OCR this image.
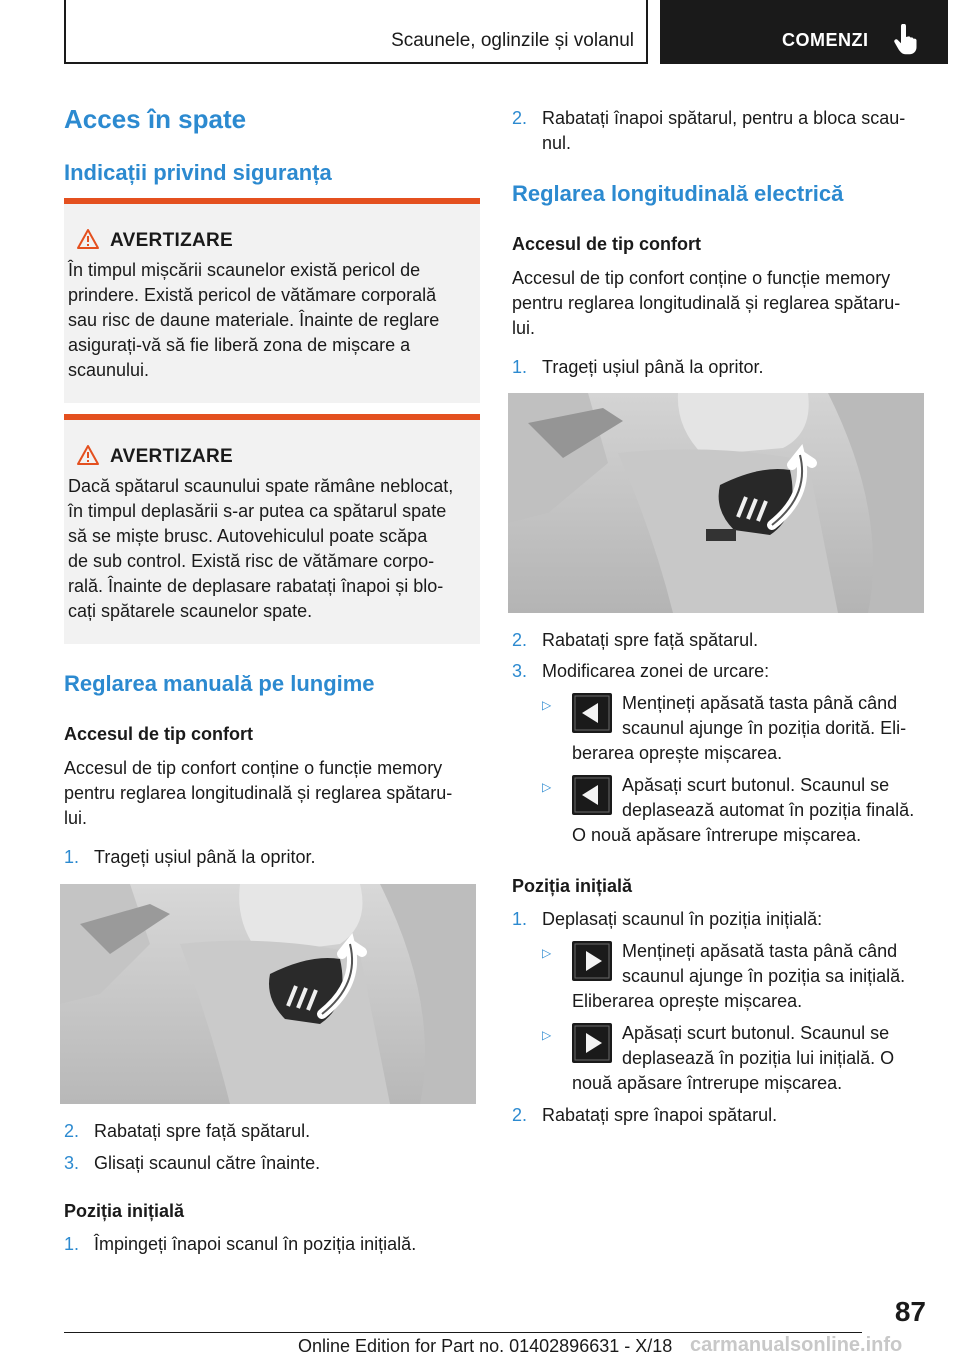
Scaunele, oglinzile și volanul	COMENZI
Acces în spate
Indicații privind siguranța
AVERTIZARE
În timpul mișcării scaunelor există pericol de
prindere. Există pericol de vătămare corporală
sau risc de daune materiale. Înainte de reglare
asigurați-vă să fie liberă zona de mișcare a
scaunului.
AVERTIZARE
Dacă spătarul scaunului spate rămâne neblocat,
în timpul deplasării s-ar putea ca spătarul spate
să se miște brusc. Autovehiculul poate scăpa
de sub control. Există risc de vătămare corpo-
rală. Înainte de deplasare rabatați înapoi și blo-
cați spătarele scaunelor spate.
Reglarea manuală pe lungime
Accesul de tip confort
Accesul de tip confort conține o funcție memory
pentru reglarea longitudinală și reglarea spătaru-
lui.
1. Trageți ușiul până la opritor.
2. Rabatați spre față spătarul.
3. Glisați scaunul către înainte.
Poziția inițială
1. Împingeți înapoi scanul în poziția inițială.
2. Rabatați înapoi spătarul, pentru a bloca scau-
nul.
Reglarea longitudinală electrică
Accesul de tip confort
Accesul de tip confort conține o funcție memory
pentru reglarea longitudinală și reglarea spătaru-
lui.
1. Trageți ușiul până la opritor.
2. Rabatați spre față spătarul.
3. Modificarea zonei de urcare:
▷	Mențineți apăsată tasta până când
scaunul ajunge în poziția dorită. Eli-
berarea oprește mișcarea.
▷	Apăsați scurt butonul. Scaunul se
deplasează automat în poziția finală.
O nouă apăsare întrerupe mișcarea.
Poziția inițială
1. Deplasați scaunul în poziția inițială:
▷	Mențineți apăsată tasta până când
scaunul ajunge în poziția sa inițială.
Eliberarea oprește mișcarea.
▷	Apăsați scurt butonul. Scaunul se
deplasează în poziția lui inițială. O
nouă apăsare întrerupe mișcarea.
2. Rabatați spre înapoi spătarul.
87
Online Edition for Part no. 01402896631 - X/18 carmanualsonline.info
